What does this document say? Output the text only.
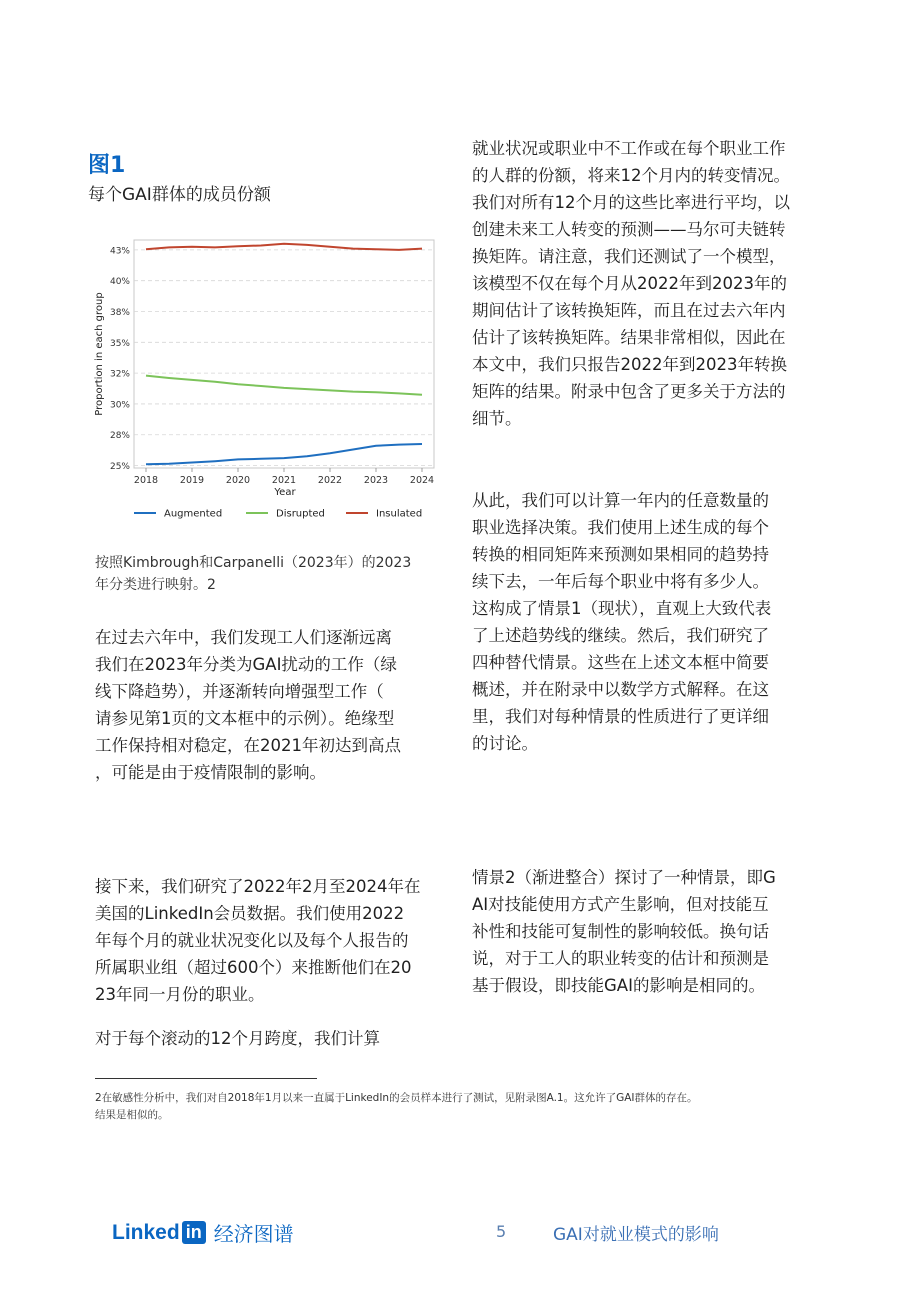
图1
每个GAI群体的成员份额
25%
28%
30%
32%
35%
38%
40%
43%
2018 2019 2020 2021 2022 2023 2024
Year
Proportion in each group
Augmented	Disrupted	Insulated
按照Kimbrough和Carpanelli（2023年）的2023
年分类进行映射。2

在过去六年中，我们发现工人们逐渐远离
我们在2023年分类为GAI扰动的工作（绿
线下降趋势），并逐渐转向增强型工作（
请参见第1页的文本框中的示例）。绝缘型
工作保持相对稳定，在2021年初达到高点
，可能是由于疫情限制的影响。

接下来，我们研究了2022年2月至2024年在
美国的LinkedIn会员数据。我们使用2022
年每个月的就业状况变化以及每个人报告的
所属职业组（超过600个）来推断他们在20
23年同一月份的职业。

对于每个滚动的12个月跨度，我们计算

就业状况或职业中不工作或在每个职业工作
的人群的份额，将来12个月内的转变情况。
我们对所有12个月的这些比率进行平均，以
创建未来工人转变的预测——马尔可夫链转
换矩阵。请注意，我们还测试了一个模型，
该模型不仅在每个月从2022年到2023年的
期间估计了该转换矩阵，而且在过去六年内
估计了该转换矩阵。结果非常相似，因此在
本文中，我们只报告2022年到2023年转换
矩阵的结果。附录中包含了更多关于方法的
细节。

从此，我们可以计算一年内的任意数量的
职业选择决策。我们使用上述生成的每个
转换的相同矩阵来预测如果相同的趋势持
续下去，一年后每个职业中将有多少人。
这构成了情景1（现状），直观上大致代表
了上述趋势线的继续。然后，我们研究了
四种替代情景。这些在上述文本框中简要
概述，并在附录中以数学方式解释。在这
里，我们对每种情景的性质进行了更详细
的讨论。

情景2（渐进整合）探讨了一种情景，即G
AI对技能使用方式产生影响，但对技能互
补性和技能可复制性的影响较低。换句话
说，对于工人的职业转变的估计和预测是
基于假设，即技能GAI的影响是相同的。

2在敏感性分析中，我们对自2018年1月以来一直属于LinkedIn的会员样本进行了测试，见附录图A.1。这允许了GAI群体的存在。
结果是相似的。
Linked in 经济图谱	5	GAI对就业模式的影响
